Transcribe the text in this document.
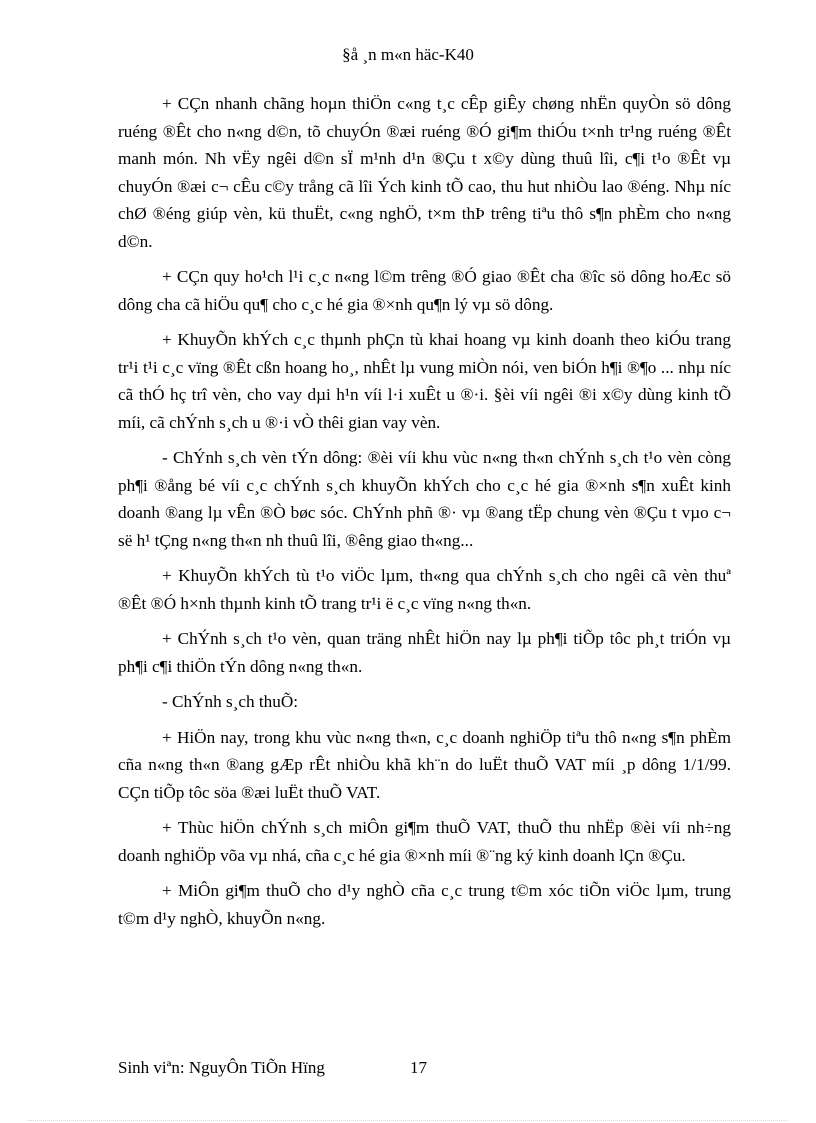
§å ¸n m«n häc-K40

+ CÇn nhanh chãng hoµn thiÖn c«ng t¸c cÊp giÊy chøng nhËn quyÒn sö dông ruéng ®Êt cho n«ng d©n, tõ chuyÓn ®æi ruéng ®Ó gi¶m thiÓu t×nh tr¹ng ruéng ®Êt manh món. Nh vËy ngêi d©n sÏ m¹nh d¹n ®Çu t x©y dùng thuû lîi, c¶i t¹o ®Êt vµ chuyÓn ®æi c¬ cÊu c©y trång cã lîi Ých kinh tÕ cao, thu hut nhiÒu lao ®éng. Nhµ níc chØ ®éng giúp vèn, kü thuËt, c«ng nghÖ, t×m thÞ trêng tiªu thô s¶n phÈm cho n«ng d©n.

+ CÇn quy ho¹ch l¹i c¸c n«ng l©m trêng ®Ó giao ®Êt cha ®îc sö dông hoÆc sö dông cha cã hiÖu qu¶ cho c¸c hé gia ®×nh qu¶n lý vµ sö dông.

+ KhuyÕn khÝch c¸c thµnh phÇn tù khai hoang vµ kinh doanh theo kiÓu trang tr¹i t¹i c¸c vïng ®Êt cßn hoang ho¸, nhÊt lµ vung miÒn nói, ven biÓn h¶i ®¶o ... nhµ níc cã thÓ hç trî vèn, cho vay dµi h¹n víi l·i xuÊt u ®·i. §èi víi ngêi ®i x©y dùng kinh tÕ míi, cã chÝnh s¸ch u ®·i vÒ thêi gian vay vèn.

- ChÝnh s¸ch vèn tÝn dông: ®èi víi khu vùc n«ng th«n chÝnh s¸ch t¹o vèn còng ph¶i ®ång bé víi c¸c chÝnh s¸ch khuyÕn khÝch cho c¸c hé gia ®×nh s¶n xuÊt kinh doanh ®ang lµ vÊn ®Ò bøc sóc. ChÝnh phñ ®· vµ ®ang tËp chung vèn ®Çu t vµo c¬ së h¹ tÇng n«ng th«n nh thuû lîi, ®êng giao th«ng...

+ KhuyÕn khÝch tù t¹o viÖc lµm, th«ng qua chÝnh s¸ch cho ngêi cã vèn thuª ®Êt ®Ó h×nh thµnh kinh tÕ trang tr¹i ë c¸c vïng n«ng th«n.

+ ChÝnh s¸ch t¹o vèn, quan träng nhÊt hiÖn nay lµ ph¶i tiÕp tôc ph¸t triÓn vµ ph¶i c¶i thiÖn tÝn dông n«ng th«n.

- ChÝnh s¸ch thuÕ:

+ HiÖn nay, trong khu vùc n«ng th«n, c¸c doanh nghiÖp tiªu thô n«ng s¶n phÈm cña n«ng th«n ®ang gÆp rÊt nhiÒu khã kh¨n do luËt thuÕ VAT míi ¸p dông 1/1/99. CÇn tiÕp tôc söa ®æi luËt thuÕ VAT.

+ Thùc hiÖn chÝnh s¸ch miÔn gi¶m thuÕ VAT, thuÕ thu nhËp ®èi víi nh÷ng doanh nghiÖp võa vµ nhá, cña c¸c hé gia ®×nh míi ®¨ng ký kinh doanh lÇn ®Çu.

+ MiÔn gi¶m thuÕ cho d¹y nghÒ cña c¸c trung t©m xóc tiÕn viÖc lµm, trung t©m d¹y nghÒ, khuyÕn n«ng.

Sinh viªn: NguyÔn TiÕn Hïng	17
